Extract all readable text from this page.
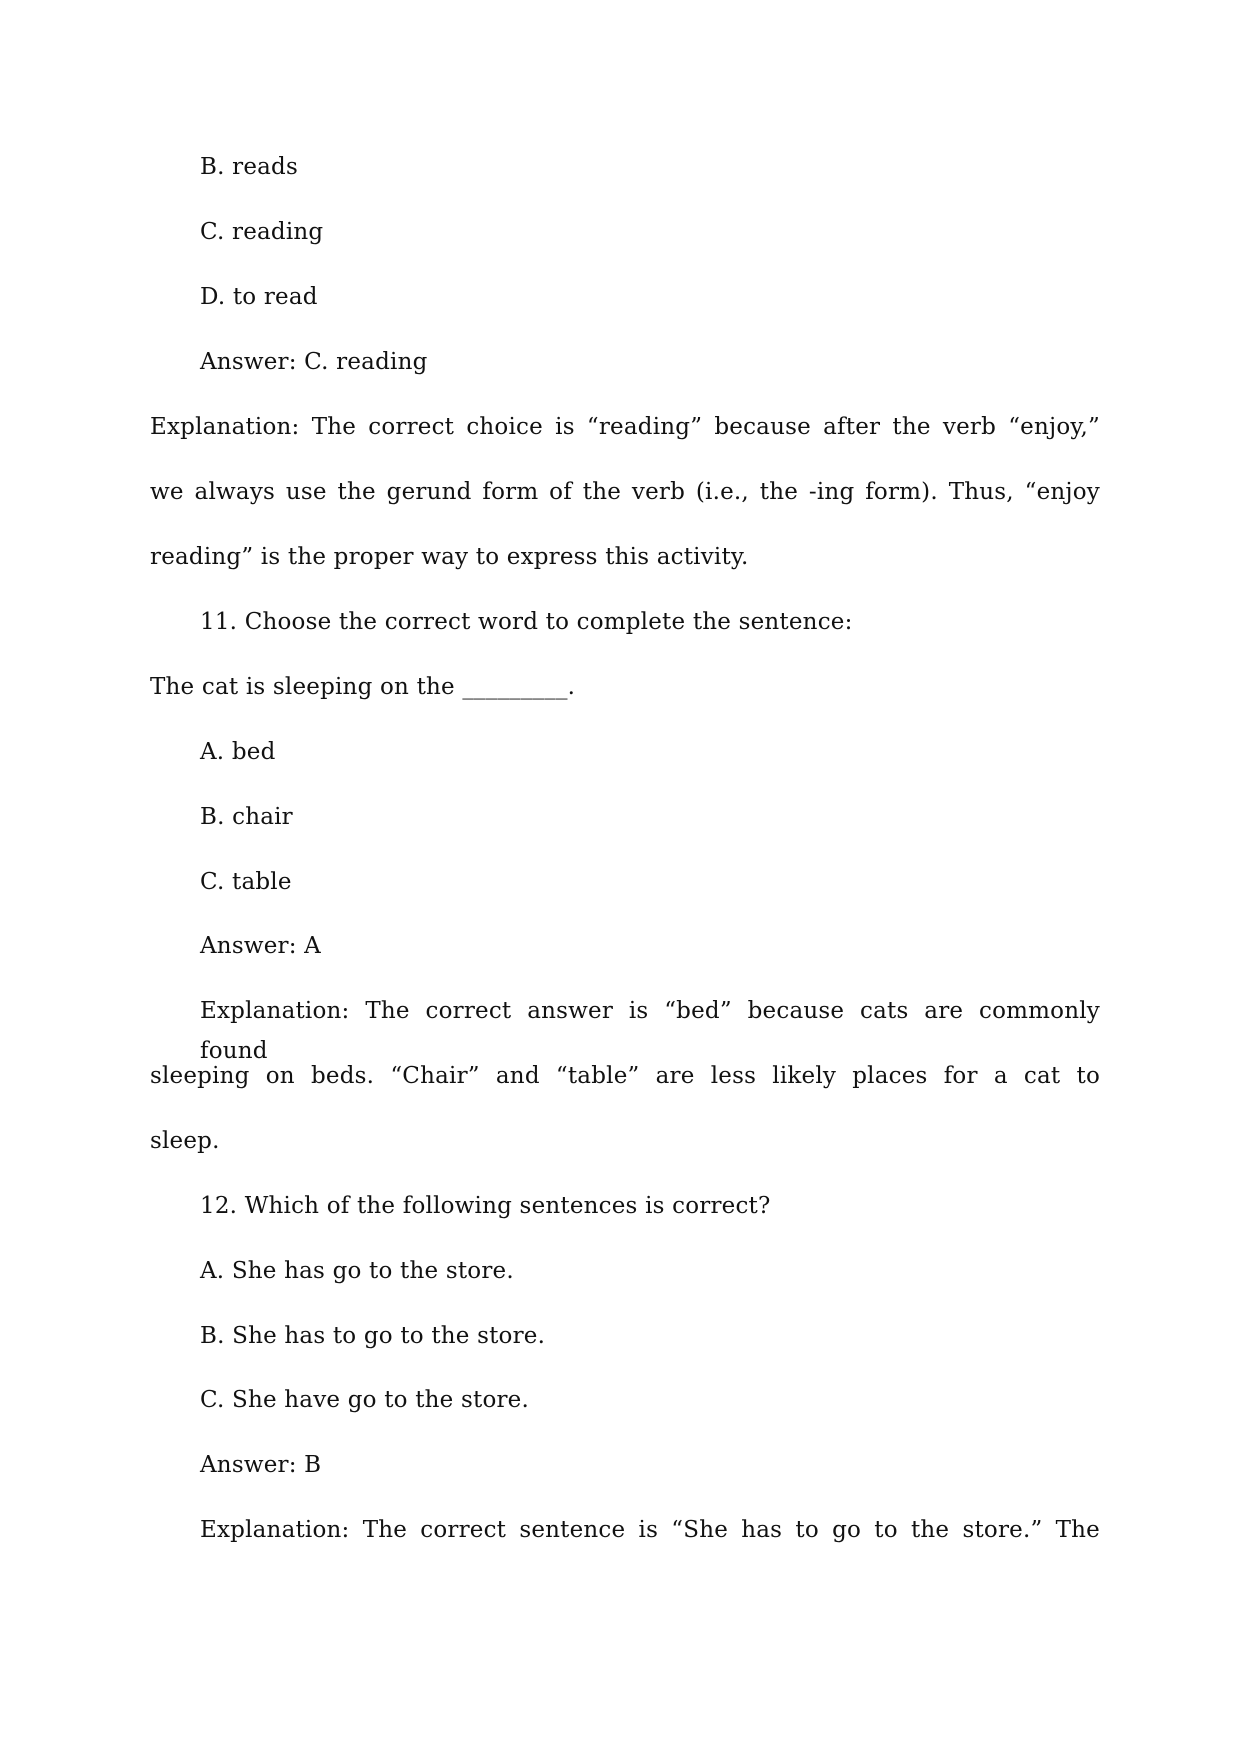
B. reads
C. reading
D. to read
Answer: C. reading
Explanation: The correct choice is “reading” because after the verb “enjoy,”
we always use the gerund form of the verb (i.e., the -ing form). Thus, “enjoy
reading” is the proper way to express this activity.
11. Choose the correct word to complete the sentence:
The cat is sleeping on the _________.
A. bed
B. chair
C. table
Answer: A
Explanation: The correct answer is “bed” because cats are commonly found
sleeping on beds. “Chair” and “table” are less likely places for a cat to
sleep.
12. Which of the following sentences is correct?
A. She has go to the store.
B. She has to go to the store.
C. She have go to the store.
Answer: B
Explanation: The correct sentence is “She has to go to the store.” The
